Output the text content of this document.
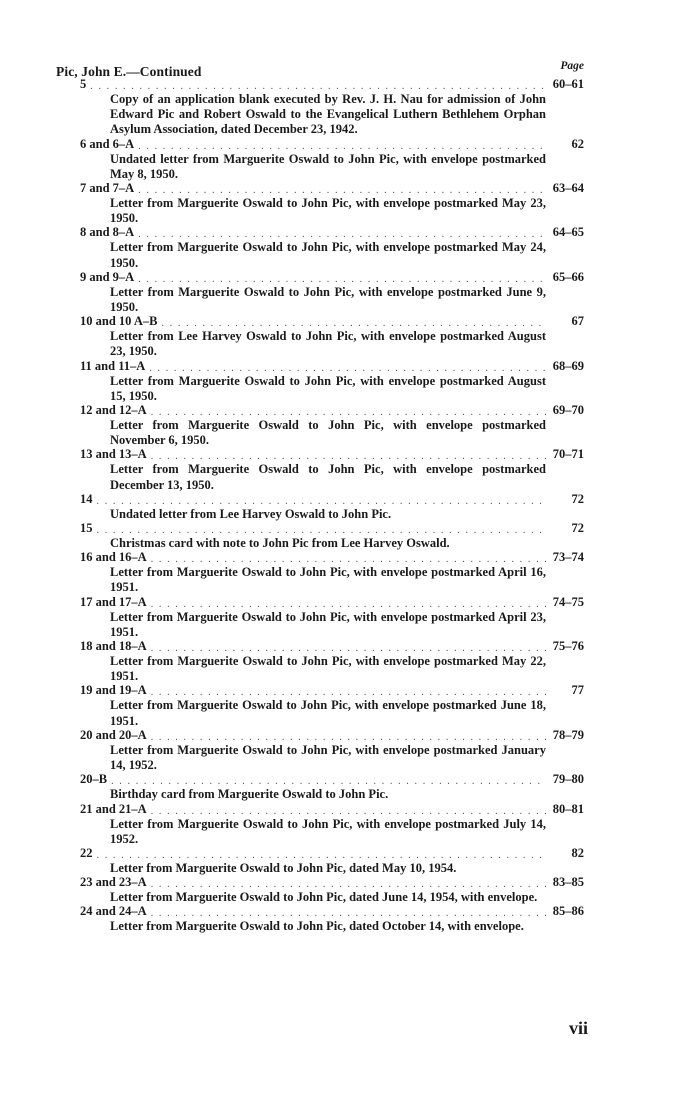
Pic, John E.—Continued	Page
5 . . .	60–61
Copy of an application blank executed by Rev. J. H. Nau for admission of John Edward Pic and Robert Oswald to the Evangelical Luthern Bethlehem Orphan Asylum Association, dated December 23, 1942.
6 and 6–A . . .	62
Undated letter from Marguerite Oswald to John Pic, with envelope postmarked May 8, 1950.
7 and 7–A . . .	63–64
Letter from Marguerite Oswald to John Pic, with envelope postmarked May 23, 1950.
8 and 8–A . . .	64–65
Letter from Marguerite Oswald to John Pic, with envelope postmarked May 24, 1950.
9 and 9–A . . .	65–66
Letter from Marguerite Oswald to John Pic, with envelope postmarked June 9, 1950.
10 and 10 A–B . . .	67
Letter from Lee Harvey Oswald to John Pic, with envelope postmarked August 23, 1950.
11 and 11–A . . .	68–69
Letter from Marguerite Oswald to John Pic, with envelope postmarked August 15, 1950.
12 and 12–A . . .	69–70
Letter from Marguerite Oswald to John Pic, with envelope postmarked November 6, 1950.
13 and 13–A . . .	70–71
Letter from Marguerite Oswald to John Pic, with envelope postmarked December 13, 1950.
14 . . .	72
Undated letter from Lee Harvey Oswald to John Pic.
15 . . .	72
Christmas card with note to John Pic from Lee Harvey Oswald.
16 and 16–A . . .	73–74
Letter from Marguerite Oswald to John Pic, with envelope postmarked April 16, 1951.
17 and 17–A . . .	74–75
Letter from Marguerite Oswald to John Pic, with envelope postmarked April 23, 1951.
18 and 18–A . . .	75–76
Letter from Marguerite Oswald to John Pic, with envelope postmarked May 22, 1951.
19 and 19–A . . .	77
Letter from Marguerite Oswald to John Pic, with envelope postmarked June 18, 1951.
20 and 20–A . . .	78–79
Letter from Marguerite Oswald to John Pic, with envelope postmarked January 14, 1952.
20–B . . .	79–80
Birthday card from Marguerite Oswald to John Pic.
21 and 21–A . . .	80–81
Letter from Marguerite Oswald to John Pic, with envelope postmarked July 14, 1952.
22 . . .	82
Letter from Marguerite Oswald to John Pic, dated May 10, 1954.
23 and 23–A . . .	83–85
Letter from Marguerite Oswald to John Pic, dated June 14, 1954, with envelope.
24 and 24–A . . .	85–86
Letter from Marguerite Oswald to John Pic, dated October 14, with envelope.
vii
